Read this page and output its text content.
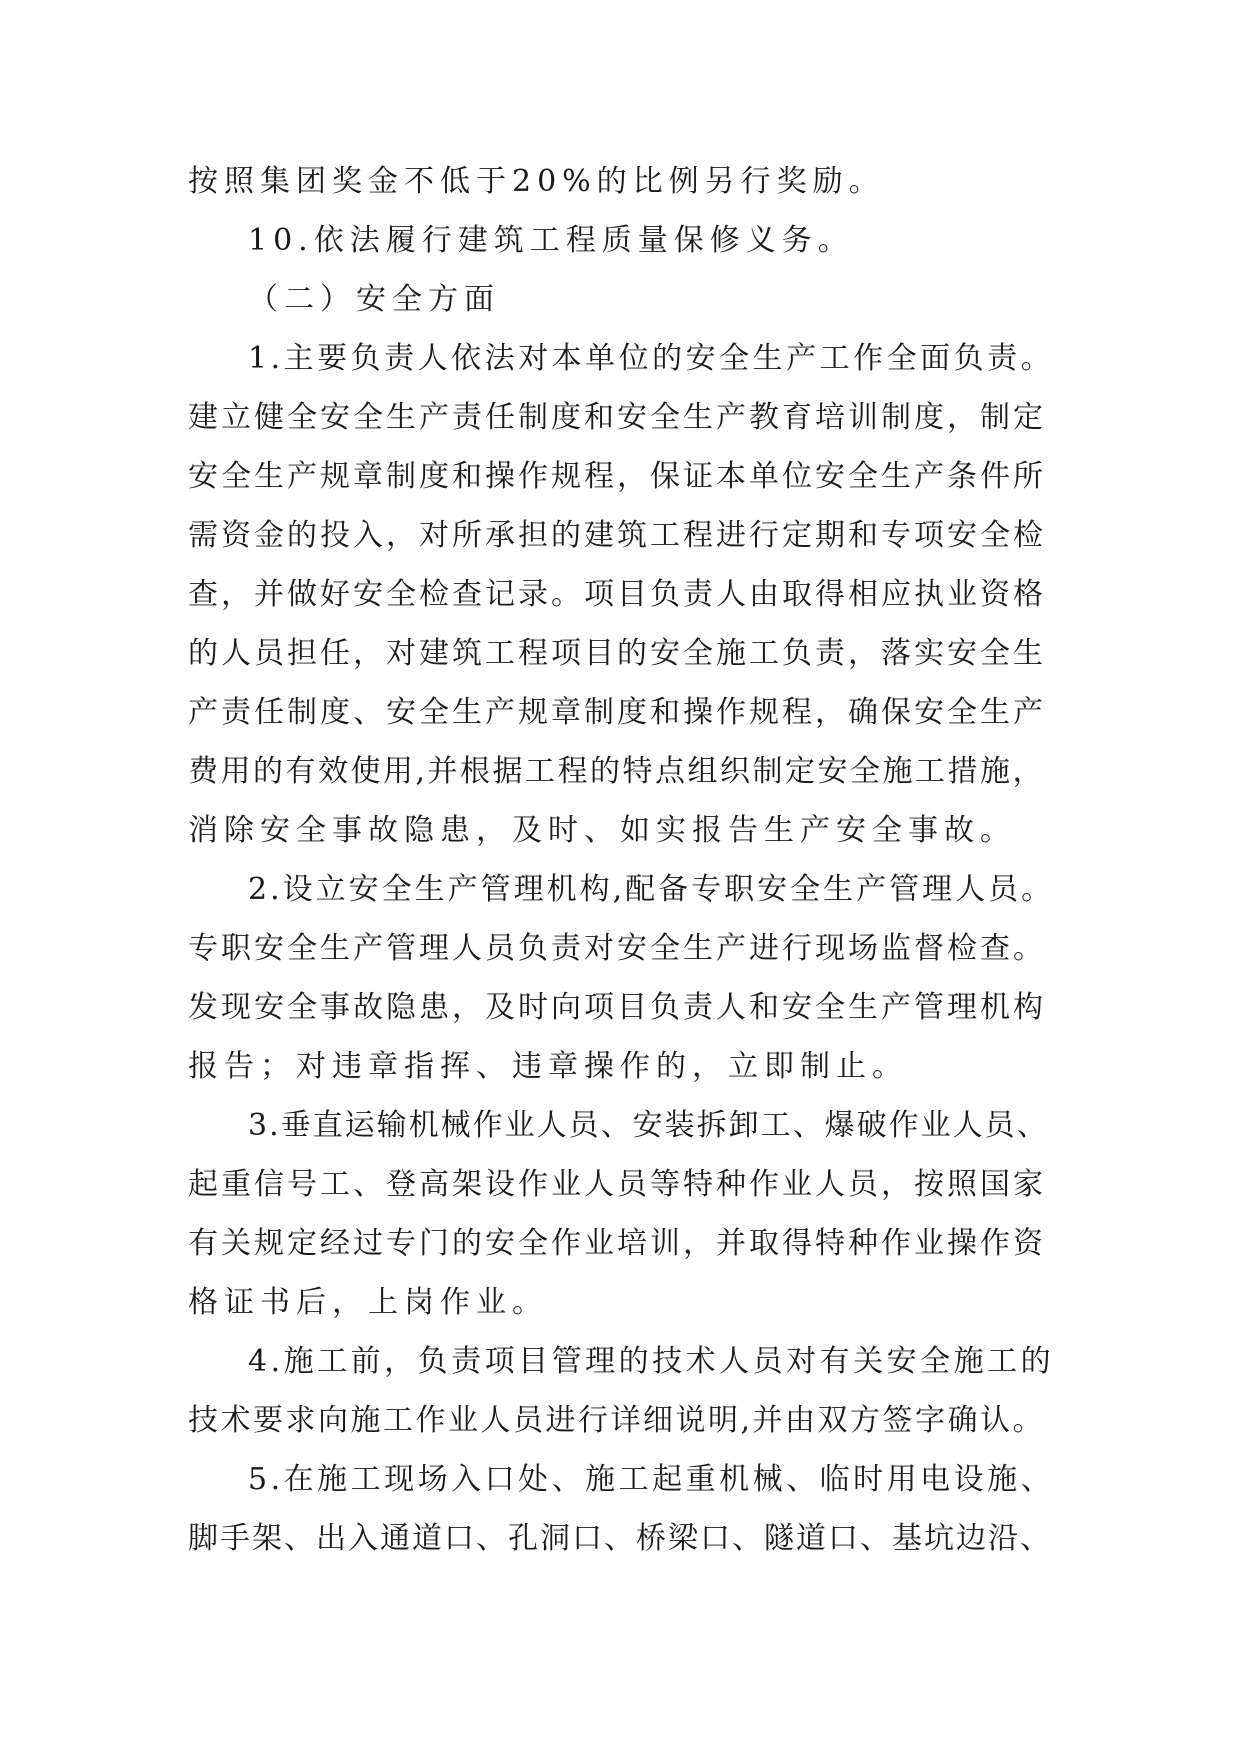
按照集团奖金不低于20%的比例另行奖励。
10.依法履行建筑工程质量保修义务。
（二）安全方面
1.主要负责人依法对本单位的安全生产工作全面负责。
建立健全安全生产责任制度和安全生产教育培训制度，制定
安全生产规章制度和操作规程，保证本单位安全生产条件所
需资金的投入，对所承担的建筑工程进行定期和专项安全检
查，并做好安全检查记录。项目负责人由取得相应执业资格
的人员担任，对建筑工程项目的安全施工负责，落实安全生
产责任制度、安全生产规章制度和操作规程，确保安全生产
费用的有效使用,并根据工程的特点组织制定安全施工措施，
消除安全事故隐患，及时、如实报告生产安全事故。
2.设立安全生产管理机构,配备专职安全生产管理人员。
专职安全生产管理人员负责对安全生产进行现场监督检查。
发现安全事故隐患，及时向项目负责人和安全生产管理机构
报告；对违章指挥、违章操作的，立即制止。
3.垂直运输机械作业人员、安装拆卸工、爆破作业人员、
起重信号工、登高架设作业人员等特种作业人员，按照国家
有关规定经过专门的安全作业培训，并取得特种作业操作资
格证书后，上岗作业。
4.施工前，负责项目管理的技术人员对有关安全施工的
技术要求向施工作业人员进行详细说明,并由双方签字确认。
5.在施工现场入口处、施工起重机械、临时用电设施、
脚手架、出入通道口、孔洞口、桥梁口、隧道口、基坑边沿、
